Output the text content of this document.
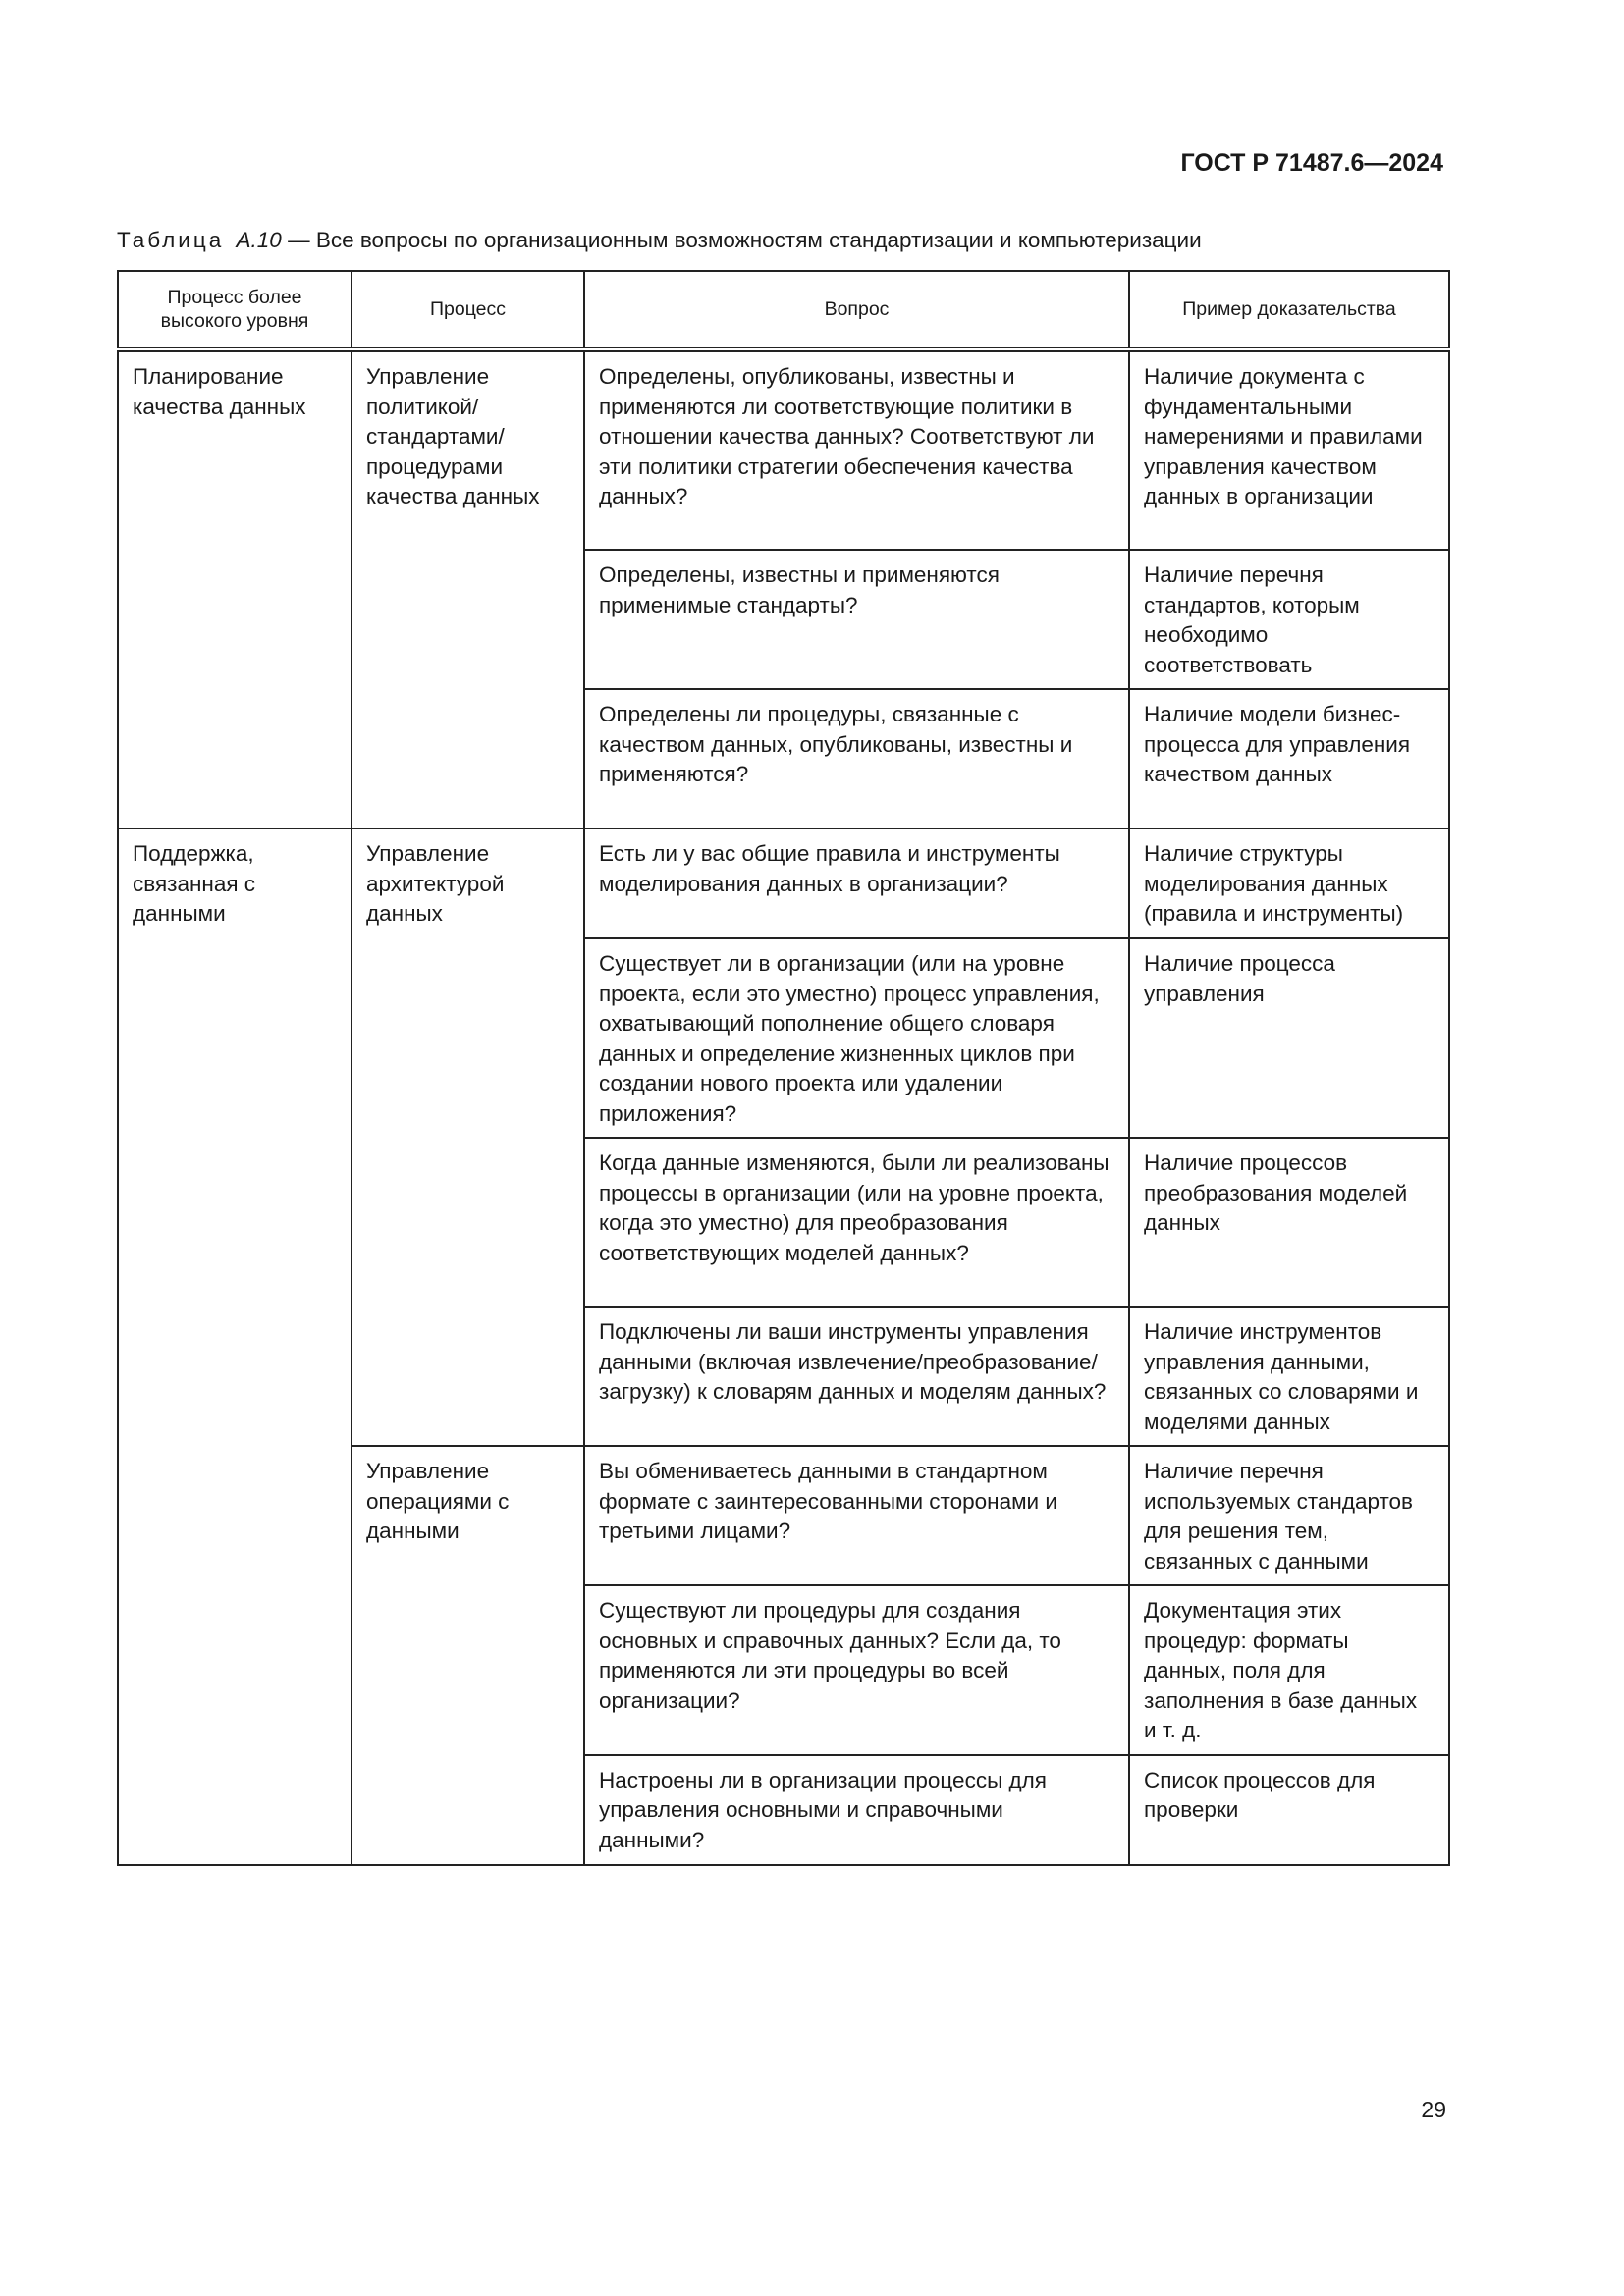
ГОСТ Р 71487.6—2024
Таблица A.10 — Все вопросы по организационным возможностям стандартизации и компьютеризации
Процесс более высокого уровня	Процесс	Вопрос	Пример доказательства
Планирование качества данных	Управление политикой/ стандартами/ процедурами качества данных	Определены, опубликованы, известны и применяются ли соответствующие политики в отношении качества данных? Соответствуют ли эти политики стратегии обеспечения качества данных?	Наличие документа с фундаментальными намерениями и правилами управления качеством данных в организации
		Определены, известны и применяются применимые стандарты?	Наличие перечня стандартов, которым необходимо соответствовать
		Определены ли процедуры, связанные с качеством данных, опубликованы, известны и применяются?	Наличие модели бизнес-процесса для управления качеством данных
Поддержка, связанная с данными	Управление архитектурой данных	Есть ли у вас общие правила и инструменты моделирования данных в организации?	Наличие структуры моделирования данных (правила и инструменты)
		Существует ли в организации (или на уровне проекта, если это уместно) процесс управления, охватывающий пополнение общего словаря данных и определение жизненных циклов при создании нового проекта или удалении приложения?	Наличие процесса управления
		Когда данные изменяются, были ли реализованы процессы в организации (или на уровне проекта, когда это уместно) для преобразования соответствующих моделей данных?	Наличие процессов преобразования моделей данных
		Подключены ли ваши инструменты управления данными (включая извлечение/преобразование/загрузку) к словарям данных и моделям данных?	Наличие инструментов управления данными, связанных со словарями и моделями данных
	Управление операциями с данными	Вы обмениваетесь данными в стандартном формате с заинтересованными сторонами и третьими лицами?	Наличие перечня используемых стандартов для решения тем, связанных с данными
		Существуют ли процедуры для создания основных и справочных данных? Если да, то применяются ли эти процедуры во всей организации?	Документация этих процедур: форматы данных, поля для заполнения в базе данных и т. д.
		Настроены ли в организации процессы для управления основными и справочными данными?	Список процессов для проверки
29
